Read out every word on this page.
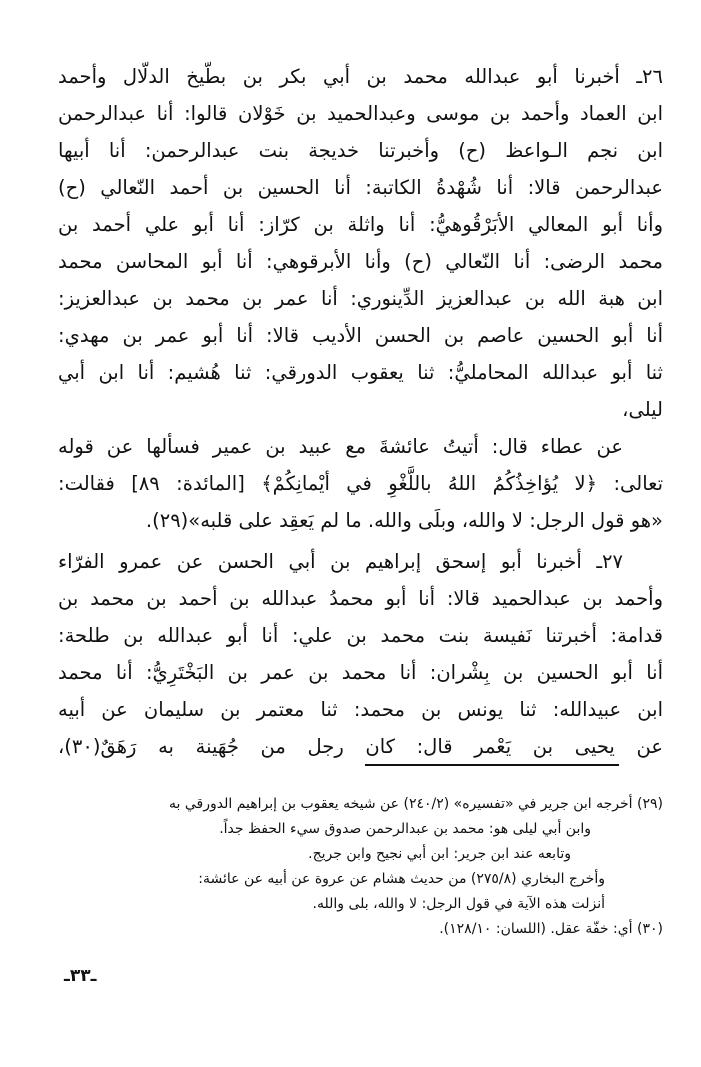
٢٦ـ أخبرنا أبو عبدالله محمد بن أبي بكر بن بطّيخ الدلّال وأحمد
ابن العماد وأحمد بن موسى وعبدالحميد بن خَوْلان قالوا: أنا عبدالرحمن
ابن نجم الـواعظ (ح) وأخبرتنا خديجة بنت عبدالرحمن: أنا أبيها
عبدالرحمن قالا: أنا شُهْدةُ الكاتبة: أنا الحسين بن أحمد النّعالي (ح)
وأنا أبو المعالي الأبَرْقُوهيُّ: أنا واثلة بن كرّاز: أنا أبو علي أحمد بن
محمد الرضى: أنا النّعالي (ح) وأنا الأبرقوهي: أنا أبو المحاسن محمد
ابن هبة الله بن عبدالعزيز الدِّينوري: أنا عمر بن محمد بن عبدالعزيز:
أنا أبو الحسين عاصم بن الحسن الأديب قالا: أنا أبو عمر بن مهدي:
ثنا أبو عبدالله المحامليُّ: ثنا يعقوب الدورقي: ثنا هُشيم: أنا ابن أبي
ليلى،
عن عطاء قال: أتيتُ عائشةَ مع عبيد بن عمير فسألها عن قوله
تعالى: ﴿لا يُؤاخِذُكُمُ اللهُ باللَّغْوِ في أيْمانِكُمْ﴾ [المائدة: ٨٩] فقالت:
«هو قول الرجل: لا والله، وبلَى والله. ما لم يَعقِد على قلبه»(٢٩).
٢٧ـ أخبرنا أبو إسحق إبراهيم بن أبي الحسن عن عمرو الفرّاء
وأحمد بن عبدالحميد قالا: أنا أبو محمدُ عبدالله بن أحمد بن محمد بن
قدامة: أخبرتنا نَفيسة بنت محمد بن علي: أنا أبو عبدالله بن طلحة:
أنا أبو الحسين بن بِشْران: أنا محمد بن عمر بن البَخْتَرِيُّ: أنا محمد
ابن عبيدالله: ثنا يونس بن محمد: ثنا معتمر بن سليمان عن أبيه
عن يحيى بن يَعْمر قال: كان رجل من جُهَينة به رَهَقٌ(٣٠)،
(٢٩) أخرجه ابن جرير في «تفسيره» (٢٤٠/٢) عن شيخه يعقوب بن إبراهيم الدورقي به
وابن أبي ليلى هو: محمد بن عبدالرحمن صدوق سيء الحفظ جداً.
وتابعه عند ابن جرير: ابن أبي نجيح وابن جريج.
وأخرج البخاري (٢٧٥/٨) من حديث هشام عن عروة عن أبيه عن عائشة:
أنزلت هذه الآية في قول الرجل: لا والله، بلى والله.
(٣٠) أي: خفّة عقل. (اللسان: ١٢٨/١٠).
ـ٣٣ـ
